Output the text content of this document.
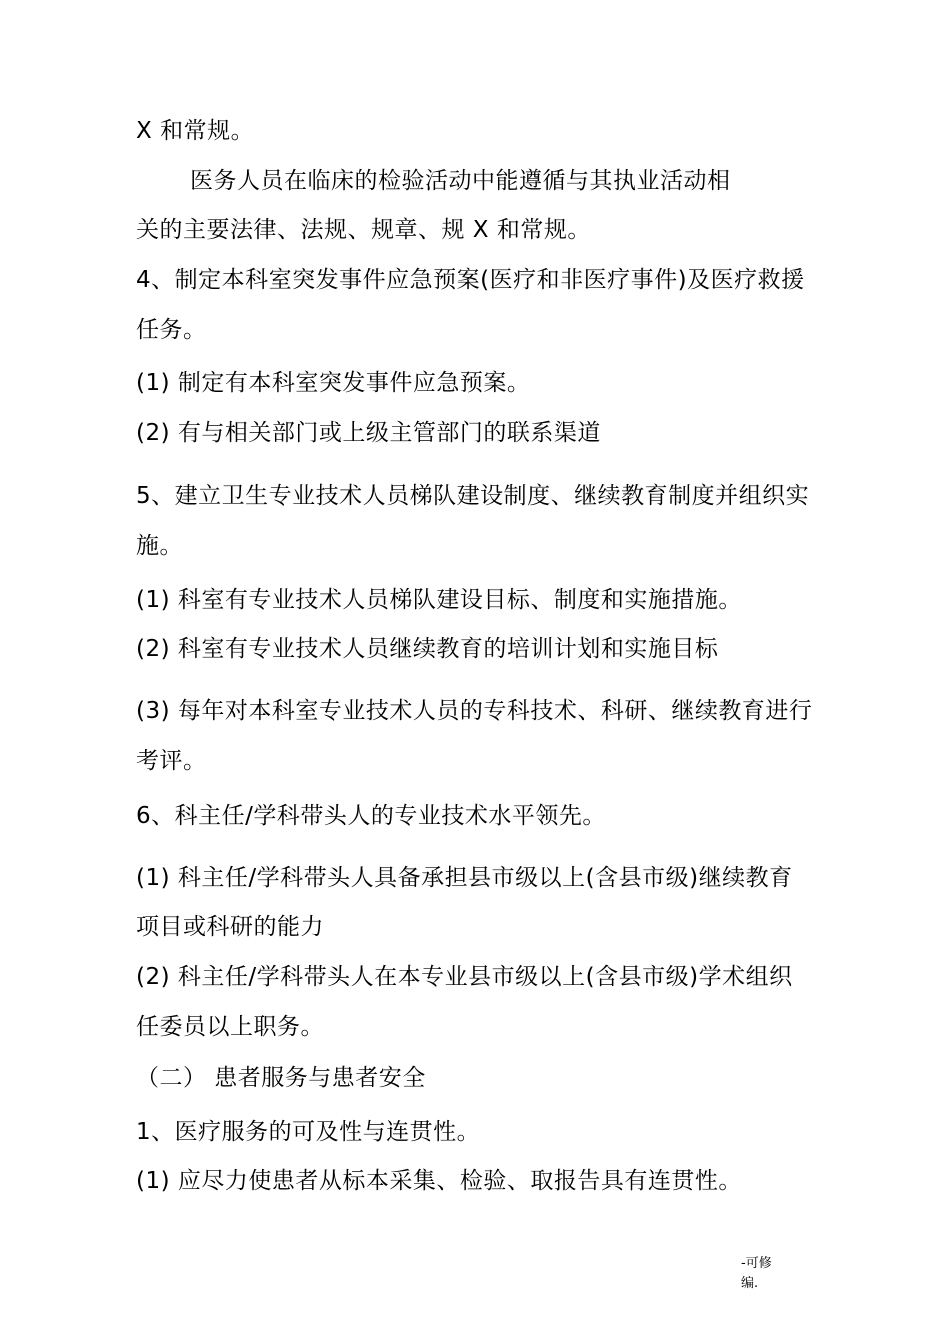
X 和常规。
医务人员在临床的检验活动中能遵循与其执业活动相
关的主要法律、法规、规章、规 X 和常规。
4、制定本科室突发事件应急预案(医疗和非医疗事件)及医疗救援
任务。
(1) 制定有本科室突发事件应急预案。
(2) 有与相关部门或上级主管部门的联系渠道
5、建立卫生专业技术人员梯队建设制度、继续教育制度并组织实
施。
(1) 科室有专业技术人员梯队建设目标、制度和实施措施。
(2) 科室有专业技术人员继续教育的培训计划和实施目标
(3) 每年对本科室专业技术人员的专科技术、科研、继续教育进行
考评。
6、科主任/学科带头人的专业技术水平领先。
(1) 科主任/学科带头人具备承担县市级以上(含县市级)继续教育
项目或科研的能力
(2) 科主任/学科带头人在本专业县市级以上(含县市级)学术组织
任委员以上职务。
（二） 患者服务与患者安全
1、医疗服务的可及性与连贯性。
(1) 应尽力使患者从标本采集、检验、取报告具有连贯性。
-可修
编.
